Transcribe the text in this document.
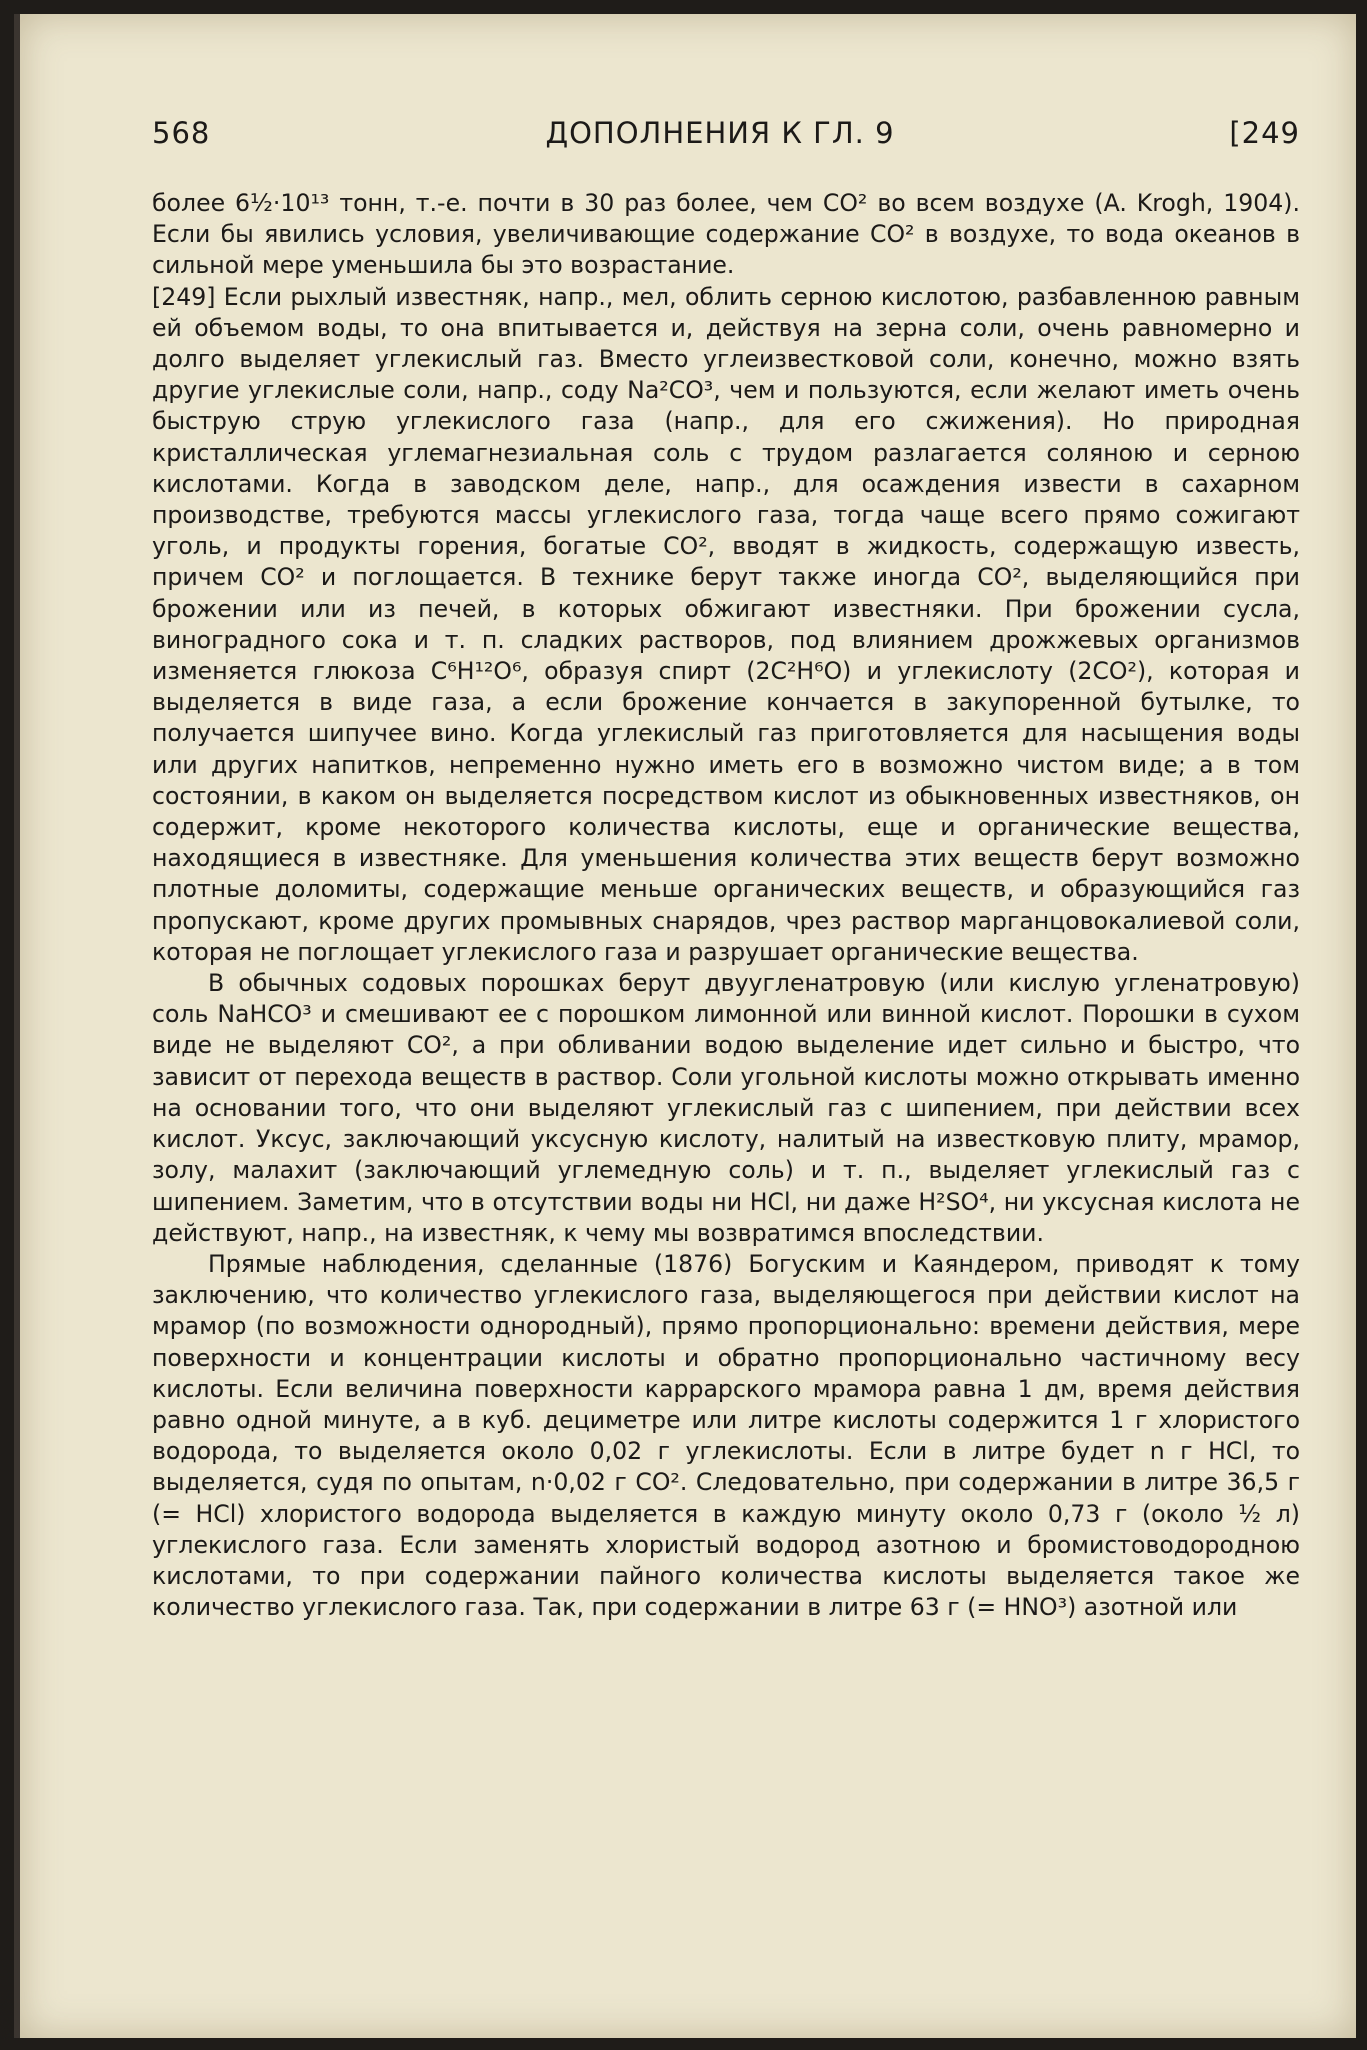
568	ДОПОЛНЕНИЯ К ГЛ. 9	[249

более 6½·10¹³ тонн, т.-е. почти в 30 раз более, чем CO² во всем воздухе (A. Krogh, 1904). Если бы явились условия, увеличивающие содержание CO² в воздухе, то вода океанов в сильной мере уменьшила бы это возрастание.

[249] Если рыхлый известняк, напр., мел, облить серною кислотою, разбавленною равным ей объемом воды, то она впитывается и, действуя на зерна соли, очень равномерно и долго выделяет углекислый газ. Вместо углеизвестковой соли, конечно, можно взять другие углекислые соли, напр., соду Na²CO³, чем и пользуются, если желают иметь очень быструю струю углекислого газа (напр., для его сжижения). Но природная кристаллическая углемагнезиальная соль с трудом разлагается соляною и серною кислотами. Когда в заводском деле, напр., для осаждения извести в сахарном производстве, требуются массы углекислого газа, тогда чаще всего прямо сожигают уголь, и продукты горения, богатые CO², вводят в жидкость, содержащую известь, причем CO² и поглощается. В технике берут также иногда CO², выделяющийся при брожении или из печей, в которых обжигают известняки. При брожении сусла, виноградного сока и т. п. сладких растворов, под влиянием дрожжевых организмов изменяется глюкоза C⁶H¹²O⁶, образуя спирт (2C²H⁶O) и углекислоту (2CO²), которая и выделяется в виде газа, а если брожение кончается в закупоренной бутылке, то получается шипучее вино. Когда углекислый газ приготовляется для насыщения воды или других напитков, непременно нужно иметь его в возможно чистом виде; а в том состоянии, в каком он выделяется посредством кислот из обыкновенных известняков, он содержит, кроме некоторого количества кислоты, еще и органические вещества, находящиеся в известняке. Для уменьшения количества этих веществ берут возможно плотные доломиты, содержащие меньше органических веществ, и образующийся газ пропускают, кроме других промывных снарядов, чрез раствор марганцовокалиевой соли, которая не поглощает углекислого газа и разрушает органические вещества.

В обычных содовых порошках берут двуугленатровую (или кислую угленатровую) соль NaHCO³ и смешивают ее с порошком лимонной или винной кислот. Порошки в сухом виде не выделяют CO², а при обливании водою выделение идет сильно и быстро, что зависит от перехода веществ в раствор. Соли угольной кислоты можно открывать именно на основании того, что они выделяют углекислый газ с шипением, при действии всех кислот. Уксус, заключающий уксусную кислоту, налитый на известковую плиту, мрамор, золу, малахит (заключающий углемедную соль) и т. п., выделяет углекислый газ с шипением. Заметим, что в отсутствии воды ни HCl, ни даже H²SO⁴, ни уксусная кислота не действуют, напр., на известняк, к чему мы возвратимся впоследствии.

Прямые наблюдения, сделанные (1876) Богуским и Каяндером, приводят к тому заключению, что количество углекислого газа, выделяющегося при действии кислот на мрамор (по возможности однородный), прямо пропорционально: времени действия, мере поверхности и концентрации кислоты и обратно пропорционально частичному весу кислоты. Если величина поверхности каррарского мрамора равна 1 дм, время действия равно одной минуте, а в куб. дециметре или литре кислоты содержится 1 г хлористого водорода, то выделяется около 0,02 г углекислоты. Если в литре будет n г HCl, то выделяется, судя по опытам, n·0,02 г CO². Следовательно, при содержании в литре 36,5 г (= HCl) хлористого водорода выделяется в каждую минуту около 0,73 г (около ½ л) углекислого газа. Если заменять хлористый водород азотною и бромистоводородною кислотами, то при содержании пайного количества кислоты выделяется такое же количество углекислого газа. Так, при содержании в литре 63 г (= HNO³) азотной или
